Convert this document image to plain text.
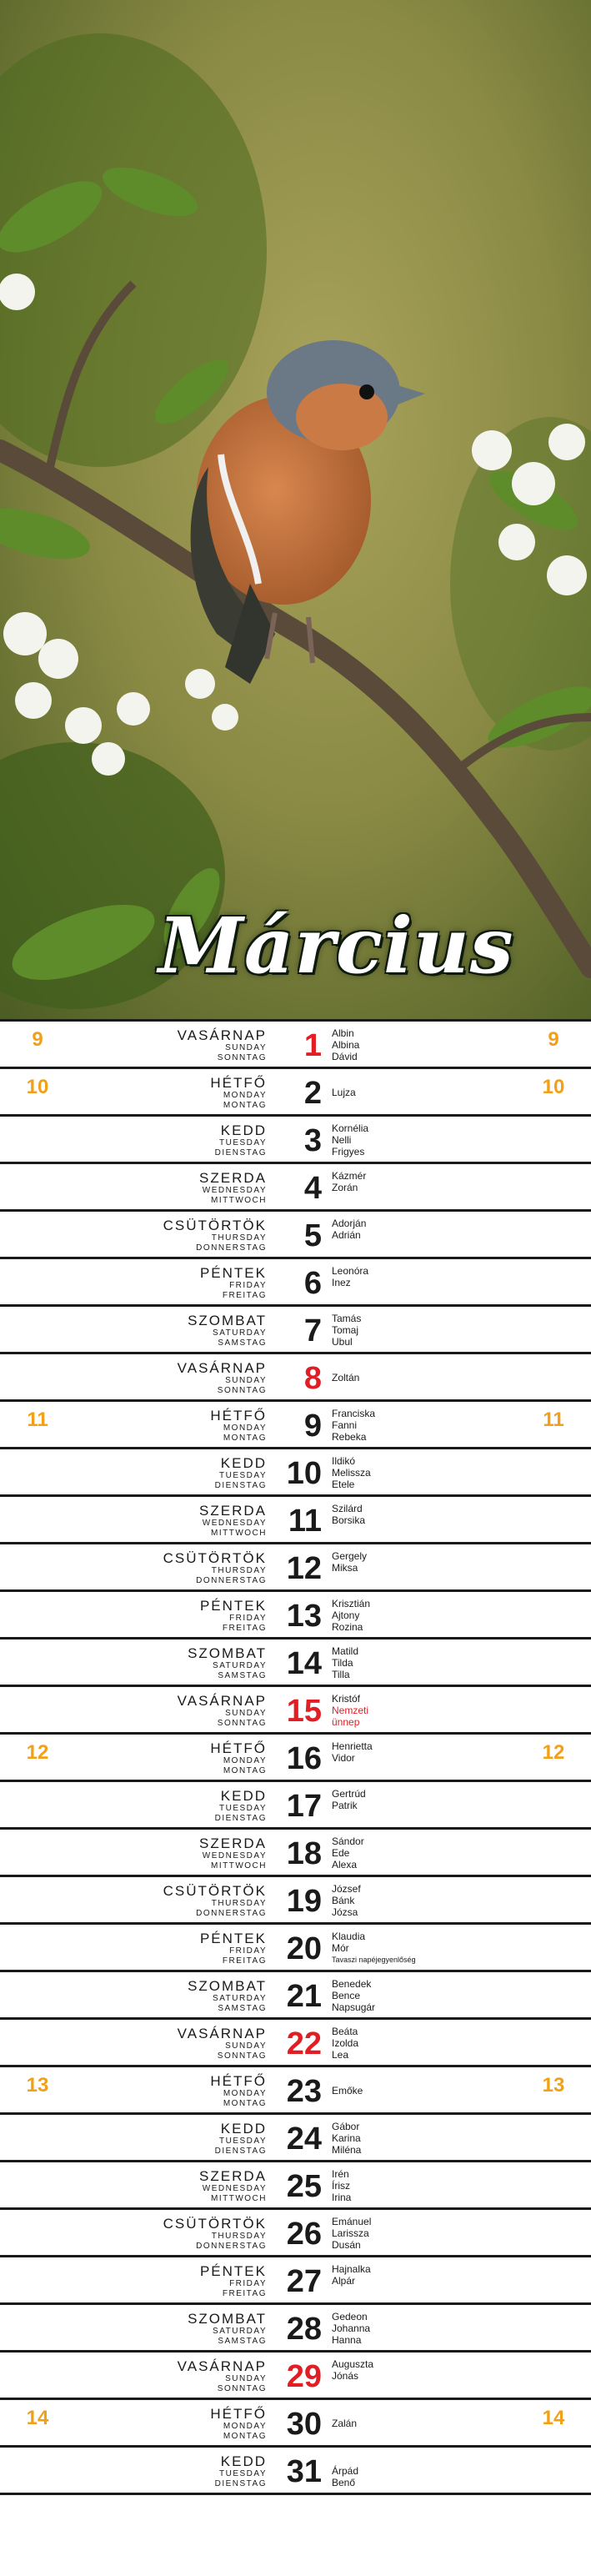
Március
9	9
VASÁRNAP
SUNDAY
SONNTAG	1 Albin
Albina
Dávid
10	10
HÉTFŐ
MONDAY
MONTAG	2
Lujza
KEDD
TUESDAY
DIENSTAG	3 Kornélia
Nelli
Frigyes
SZERDA
WEDNESDAY
MITTWOCH	4 Kázmér
Zorán
CSÜTÖRTÖK
THURSDAY
DONNERSTAG	5 Adorján
Adrián
PÉNTEK
FRIDAY
FREITAG	6 Leonóra
Inez
SZOMBAT
SATURDAY
SAMSTAG	7 Tamás
Tomaj
Ubul
VASÁRNAP
SUNDAY
SONNTAG	8
Zoltán
11	11
HÉTFŐ
MONDAY
MONTAG	9 Franciska
Fanni
Rebeka
KEDD
TUESDAY
DIENSTAG 10 Ildikó
Melissza
Etele
SZERDA
WEDNESDAY
MITTWOCH 11 Szilárd
Borsika
CSÜTÖRTÖK
THURSDAY
DONNERSTAG 12 Gergely
Miksa
PÉNTEK
FRIDAY
FREITAG 13 Krisztián
Ajtony
Rozina
SZOMBAT
SATURDAY
SAMSTAG 14 Matild
Tilda
Tilla
VASÁRNAP
SUNDAY
SONNTAG 15 Kristóf
Nemzeti
ünnep
12	12
HÉTFŐ
MONDAY
MONTAG 16 Henrietta
Vidor
KEDD
TUESDAY
DIENSTAG 17 Gertrúd
Patrik
SZERDA
WEDNESDAY
MITTWOCH 18 Sándor
Ede
Alexa
CSÜTÖRTÖK
THURSDAY
DONNERSTAG 19 József
Bánk
Józsa
PÉNTEK
FRIDAY
FREITAG 20 Klaudia
Mór
Tavaszi napéjegyenlőség
SZOMBAT
SATURDAY
SAMSTAG 21 Benedek
Bence
Napsugár
VASÁRNAP
SUNDAY
SONNTAG 22 Beáta
Izolda
Lea
13	13
HÉTFŐ
MONDAY
MONTAG 23
Emőke
KEDD
TUESDAY
DIENSTAG 24 Gábor
Karina
Miléna
SZERDA
WEDNESDAY
MITTWOCH 25 Irén
Írisz
Irina
CSÜTÖRTÖK
THURSDAY
DONNERSTAG 26 Emánuel
Larissza
Dusán
PÉNTEK
FRIDAY
FREITAG 27 Hajnalka
Alpár
SZOMBAT
SATURDAY
SAMSTAG 28 Gedeon
Johanna
Hanna
VASÁRNAP
SUNDAY
SONNTAG 29 Auguszta
Jónás
14	14
HÉTFŐ
MONDAY
MONTAG 30
Zalán
KEDD
TUESDAY
DIENSTAG 31
Árpád
Benő
